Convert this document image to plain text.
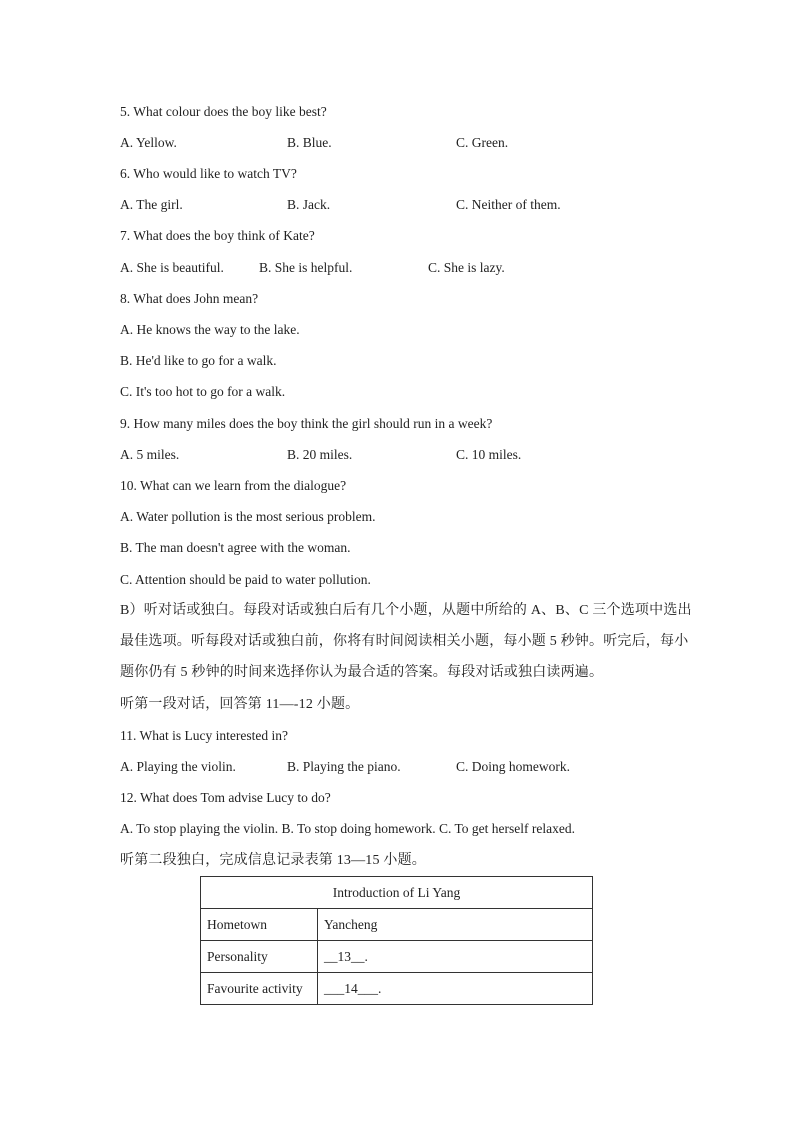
5. What colour does the boy like best?
A. Yellow.	B. Blue.	C. Green.
6. Who would like to watch TV?
A. The girl.	B. Jack.	C. Neither of them.
7. What does the boy think of Kate?
A. She is beautiful.	B. She is helpful.	C. She is lazy.
8. What does John mean?
A. He knows the way to the lake.
B. He'd like to go for a walk.
C. It's too hot to go for a walk.
9. How many miles does the boy think the girl should run in a week?
A. 5 miles.	B. 20 miles.	C. 10 miles.
10. What can we learn from the dialogue?
A. Water pollution is the most serious problem.
B. The man doesn't agree with the woman.
C. Attention should be paid to water pollution.
B）听对话或独白。每段对话或独白后有几个小题，从题中所给的 A、B、C 三个选项中选出
最佳选项。听每段对话或独白前，你将有时间阅读相关小题，每小题 5 秒钟。听完后，每小
题你仍有 5 秒钟的时间来选择你认为最合适的答案。每段对话或独白读两遍。
听第一段对话，回答第 11—-12 小题。
11. What is Lucy interested in?
A. Playing the violin.	B. Playing the piano.	C. Doing homework.
12. What does Tom advise Lucy to do?
A. To stop playing the violin. B. To stop doing homework. C. To get herself relaxed.
听第二段独白，完成信息记录表第 13—15 小题。
Introduction of Li Yang	
Hometown	Yancheng
Personality	__13__.
Favourite activity	___14___.
